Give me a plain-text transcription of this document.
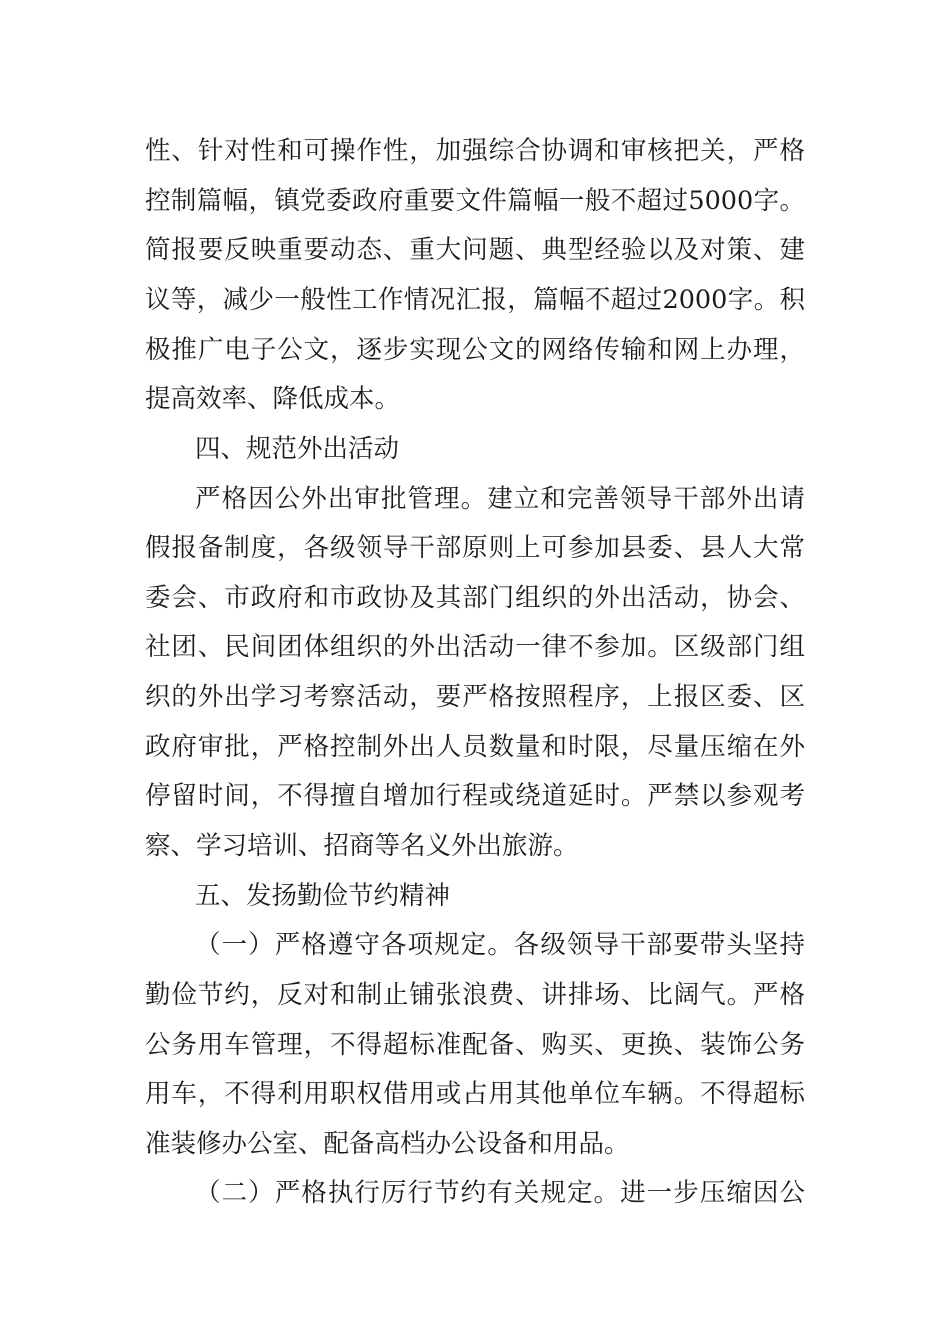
性、针对性和可操作性，加强综合协调和审核把关，严格
控制篇幅，镇党委政府重要文件篇幅一般不超过5000字。
简报要反映重要动态、重大问题、典型经验以及对策、建
议等，减少一般性工作情况汇报，篇幅不超过2000字。积
极推广电子公文，逐步实现公文的网络传输和网上办理，
提高效率、降低成本。
四、规范外出活动
严格因公外出审批管理。建立和完善领导干部外出请
假报备制度，各级领导干部原则上可参加县委、县人大常
委会、市政府和市政协及其部门组织的外出活动，协会、
社团、民间团体组织的外出活动一律不参加。区级部门组
织的外出学习考察活动，要严格按照程序，上报区委、区
政府审批，严格控制外出人员数量和时限，尽量压缩在外
停留时间，不得擅自增加行程或绕道延时。严禁以参观考
察、学习培训、招商等名义外出旅游。
五、发扬勤俭节约精神
（一）严格遵守各项规定。各级领导干部要带头坚持
勤俭节约，反对和制止铺张浪费、讲排场、比阔气。严格
公务用车管理，不得超标准配备、购买、更换、装饰公务
用车，不得利用职权借用或占用其他单位车辆。不得超标
准装修办公室、配备高档办公设备和用品。
（二）严格执行厉行节约有关规定。进一步压缩因公
